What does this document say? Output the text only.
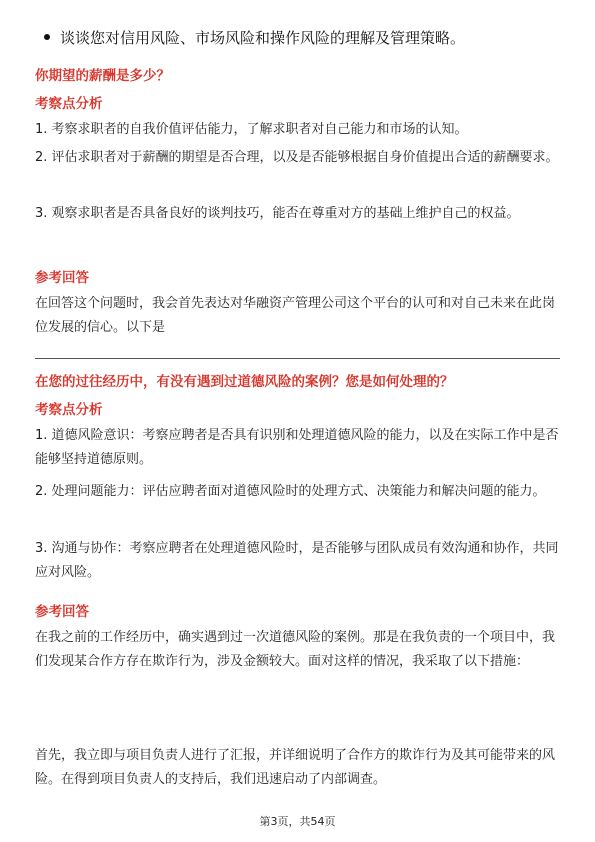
谈谈您对信用风险、市场风险和操作风险的理解及管理策略。
你期望的薪酬是多少？
考察点分析
1. 考察求职者的自我价值评估能力，了解求职者对自己能力和市场的认知。
2. 评估求职者对于薪酬的期望是否合理，以及是否能够根据自身价值提出合适的薪酬要求。
3. 观察求职者是否具备良好的谈判技巧，能否在尊重对方的基础上维护自己的权益。
参考回答
在回答这个问题时，我会首先表达对华融资产管理公司这个平台的认可和对自己未来在此岗位发展的信心。以下是
在您的过往经历中，有没有遇到过道德风险的案例？您是如何处理的？
考察点分析
1. 道德风险意识：考察应聘者是否具有识别和处理道德风险的能力，以及在实际工作中是否能够坚持道德原则。
2. 处理问题能力：评估应聘者面对道德风险时的处理方式、决策能力和解决问题的能力。
3. 沟通与协作：考察应聘者在处理道德风险时，是否能够与团队成员有效沟通和协作，共同应对风险。
参考回答
在我之前的工作经历中，确实遇到过一次道德风险的案例。那是在我负责的一个项目中，我们发现某合作方存在欺诈行为，涉及金额较大。面对这样的情况，我采取了以下措施：
首先，我立即与项目负责人进行了汇报，并详细说明了合作方的欺诈行为及其可能带来的风险。在得到项目负责人的支持后，我们迅速启动了内部调查。
第3页，共54页
